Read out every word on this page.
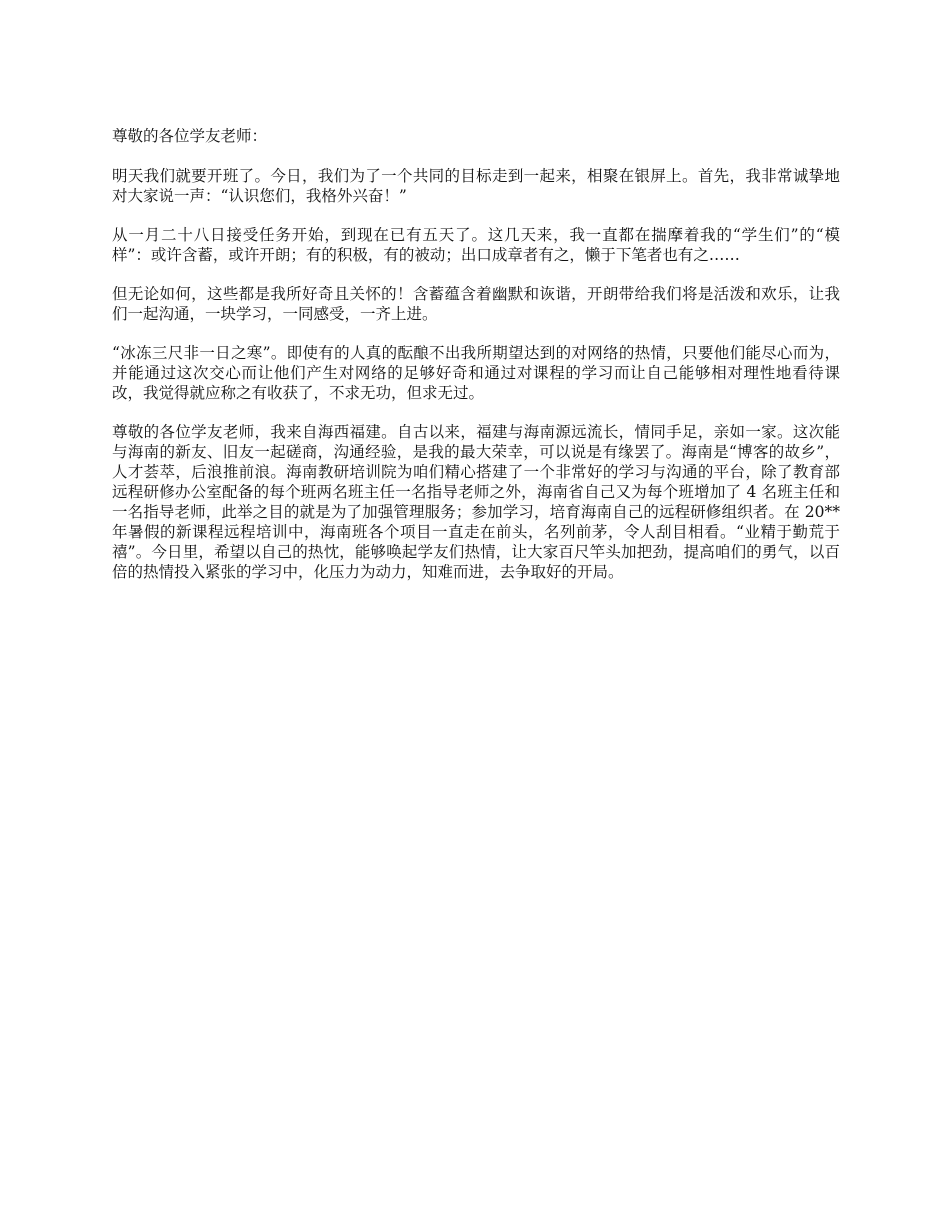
尊敬的各位学友老师：

明天我们就要开班了。今日，我们为了一个共同的目标走到一起来，相聚在银屏上。首先，我非常诚挚地对大家说一声：“认识您们，我格外兴奋！”

从一月二十八日接受任务开始，到现在已有五天了。这几天来，我一直都在揣摩着我的“学生们”的“模样”：或许含蓄，或许开朗；有的积极，有的被动；出口成章者有之，懒于下笔者也有之……

但无论如何，这些都是我所好奇且关怀的！含蓄蕴含着幽默和诙谐，开朗带给我们将是活泼和欢乐，让我们一起沟通，一块学习，一同感受，一齐上进。

“冰冻三尺非一日之寒”。即使有的人真的酝酿不出我所期望达到的对网络的热情，只要他们能尽心而为，并能通过这次交心而让他们产生对网络的足够好奇和通过对课程的学习而让自己能够相对理性地看待课改，我觉得就应称之有收获了，不求无功，但求无过。

尊敬的各位学友老师，我来自海西福建。自古以来，福建与海南源远流长，情同手足，亲如一家。这次能与海南的新友、旧友一起磋商，沟通经验，是我的最大荣幸，可以说是有缘罢了。海南是“博客的故乡”，人才荟萃，后浪推前浪。海南教研培训院为咱们精心搭建了一个非常好的学习与沟通的平台，除了教育部远程研修办公室配备的每个班两名班主任一名指导老师之外，海南省自己又为每个班增加了 4 名班主任和一名指导老师，此举之目的就是为了加强管理服务；参加学习，培育海南自己的远程研修组织者。在 20**年暑假的新课程远程培训中，海南班各个项目一直走在前头，名列前茅，令人刮目相看。“业精于勤荒于禧”。今日里，希望以自己的热忱，能够唤起学友们热情，让大家百尺竿头加把劲，提高咱们的勇气，以百倍的热情投入紧张的学习中，化压力为动力，知难而进，去争取好的开局。
